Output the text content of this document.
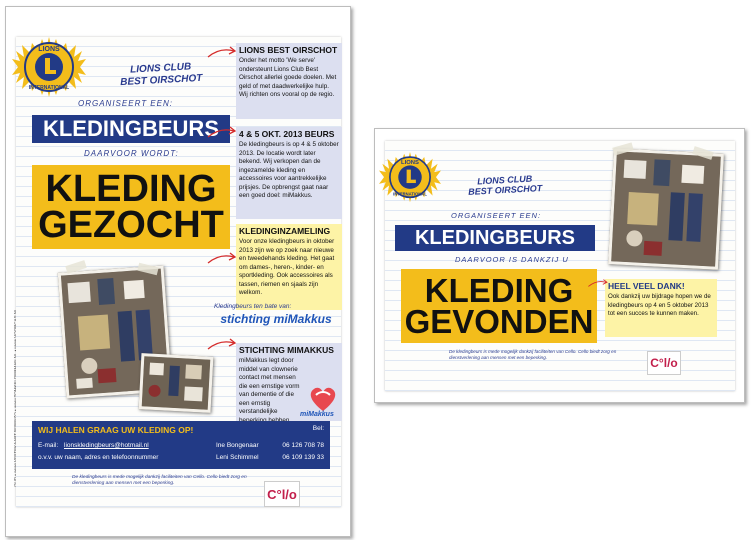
LIONS
INTERNATIONAL
LIONS CLUB
BEST OIRSCHOT
ORGANISEERT EEN:
KLEDINGBEURS
DAARVOOR WORDT:
KLEDING
GEZOCHT
LIONS BEST OIRSCHOT
Onder het motto 'We serve' ondersteunt Lions Club Best Oirschot allerlei goede doelen. Met geld of met daadwerkelijke hulp. Wij richten ons vooral op de regio.
4 & 5 OKT. 2013 BEURS
De kledingbeurs is op 4 & 5 oktober 2013. De locatie wordt later bekend. Wij verkopen dan de ingezamelde kleding en accessoires voor aantrekkelijke prijsjes. De opbrengst gaat naar een goed doel: miMakkus.
KLEDINGINZAMELING
Voor onze kledingbeurs in oktober 2013 zijn we op zoek naar nieuwe en tweedehands kleding. Het gaat om dames-, heren-, kinder- en sportkleding. Ook accessoires als tassen, riemen en sjaals zijn welkom.
STICHTING MIMAKKUS
miMakkus legt door middel van clownerie contact met mensen die een ernstige vorm van dementie of die een ernstig verstandelijke	miMakkus
Kledingbeurs ten bate van:
stichting miMakkus
WIJ HALEN GRAAG UW KLEDING OP!	Bel:
E-mail: lionskledingbeurs@hotmail.nl
o.v.v. uw naam, adres en telefoonnummer
Ine Bongenaar	06 126 708 78
Leni Schimmel	06 109 139 33
De kledingbeurs is mede mogelijk dankzij faciliteiten van Cello. Cello biedt zorg en dienstverlening aan mensen met een beperking.
C°l/o
LIONS
INTERNATIONAL
LIONS CLUB
BEST OIRSCHOT
ORGANISEERT EEN:
KLEDINGBEURS
DAARVOOR IS DANKZIJ U
KLEDING
GEVONDEN
HEEL VEEL DANK!
Ook dankzij uw bijdrage hopen we de kledingbeurs op 4 en 5 oktober 2013 tot een succes te kunnen maken.
De kledingbeurs is mede mogelijk dankzij faciliteiten van Cello. Cello biedt zorg en dienstverlening aan mensen met een beperking.	C°l/o
